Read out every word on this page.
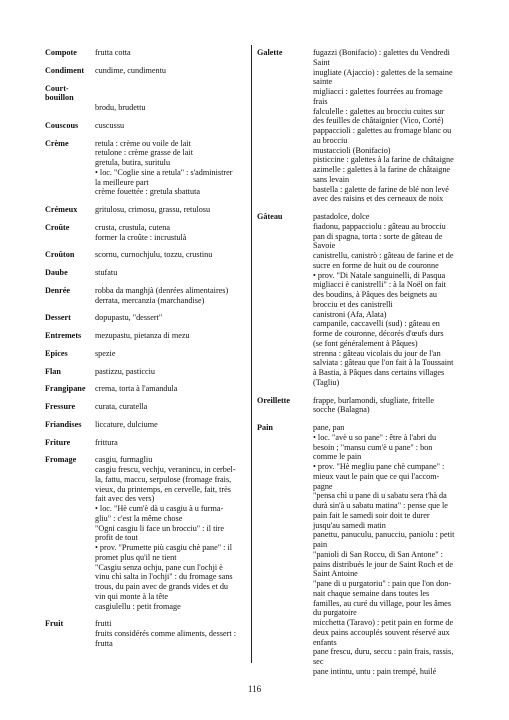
Compote	frutta cotta
Condiment	cundime, cundimentu
Court-bouillon
brodu, brudettu
Couscous	cuscussu
Crème	retula : crème ou voile de lait
retulone : crème grasse de lait
gretula, butira, suritulu
• loc. "Coglie sine a retula" : s'administrer
la meilleure part
crème fouettée : gretula sbattuta
Crémeux	gritulosu, crimosu, grassu, retulosu
Croûte	crusta, crustula, cutena
former la croûte : incrustulà
Croûton	scornu, curnochjulu, tozzu, crustinu
Daube	stufatu
Denrée	robba da manghjà (denrées alimentaires)
derrata, mercanzia (marchandise)
Dessert	dopupastu, "dessert"
Entremets	mezupastu, pietanza di mezu
Epices	spezie
Flan	pastizzu, pasticciu
Frangipane	crema, torta à l'amandula
Fressure	curata, curatella
Friandises	liccature, dulciume
Friture	frittura
Fromage	casgiu, furmagliu
casgiu frescu, vechju, veranincu, in cerbel-
la, fattu, maccu, serpulose (fromage frais,
vieux, du printemps, en cervelle, fait, très
fait avec des vers)
• loc. "Hè cum'è dà u casgiu à u furma-
gliu" : c'est la même chose
"Ogni casgiu li face un brocciu" : il tire
profit de tout
• prov. "Prumette più casgiu chè pane" : il
promet plus qu'il ne tient
"Casgiu senza ochju, pane cun l'ochji è
vinu chì salta in l'ochji" : du fromage sans
trous, du pain avec de grands vides et du
vin qui monte à la tête
casgiulellu : petit fromage
Fruit	frutti
fruits considérés comme aliments, dessert :
frutta
Galette	fugazzi (Bonifacio) : galettes du Vendredi
Saint
inugliate (Ajaccio) : galettes de la semaine
sainte
migliacci : galettes fourrées au fromage
frais
falculelle : galettes au brocciu cuites sur
des feuilles de châtaignier (Vico, Corté)
pappaccioli : galettes au fromage blanc ou
au brocciu
mustaccioli (Bonifacio)
pisticcine : galettes à la farine de châtaigne
azimelle : galettes à la farine de châtaigne
sans levain
bastella : galette de farine de blé non levé
avec des raisins et des cerneaux de noix
Gâteau	pastadolce, dolce
fiadonu, pappacciolu : gâteau au brocciu
pan di spagna, torta : sorte de gâteau de
Savoie
canistrellu, canistrò : gâteau de farine et de
sucre en forme de huit ou de couronne
• prov. "Di Natale sanguinelli, di Pasqua
migliacci è canistrelli" : à la Noël on fait
des boudins, à Pâques des beignets au
brocciu et des canistrelli
canistroni (Afa, Alata)
campanile, caccavelli (sud) : gâteau en
forme de couronne, décorés d'œufs durs
(se font généralement à Pâques)
strenna : gâteau vicolais du jour de l'an
salviata : gâteau que l'on fait à la Toussaint
à Bastia, à Pâques dans certains villages
(Tagliu)
Oreillette	frappe, burlamondi, sfugliate, fritelle
socche (Balagna)
Pain	pane, pan
• loc. "avè u so pane" : être à l'abri du
besoin ; "mansu cum'è u pane" : bon
comme le pain
• prov. "Hè megliu pane chè cumpane" :
mieux vaut le pain que ce qui l'accom-
pagne
"pensa chì u pane di u sabatu sera t'hà da
durà sin'à u sabatu matina" : pense que le
pain fait le samedi soir doit te durer
jusqu'au samedi matin
panettu, panuculu, panucciu, paniolu : petit
pain
"panioli di San Roccu, di San Antone" :
pains distribués le jour de Saint Roch et de
Saint Antoine
"pane di u purgatoriu" : pain que l'on don-
nait chaque semaine dans toutes les
familles, au curé du village, pour les âmes
du purgatoire
micchetta (Taravo) : petit pain en forme de
deux pains accouplés souvent réservé aux
enfants
pane frescu, duru, seccu : pain frais, rassis,
sec
pane intintu, untu : pain trempé, huilé
116
